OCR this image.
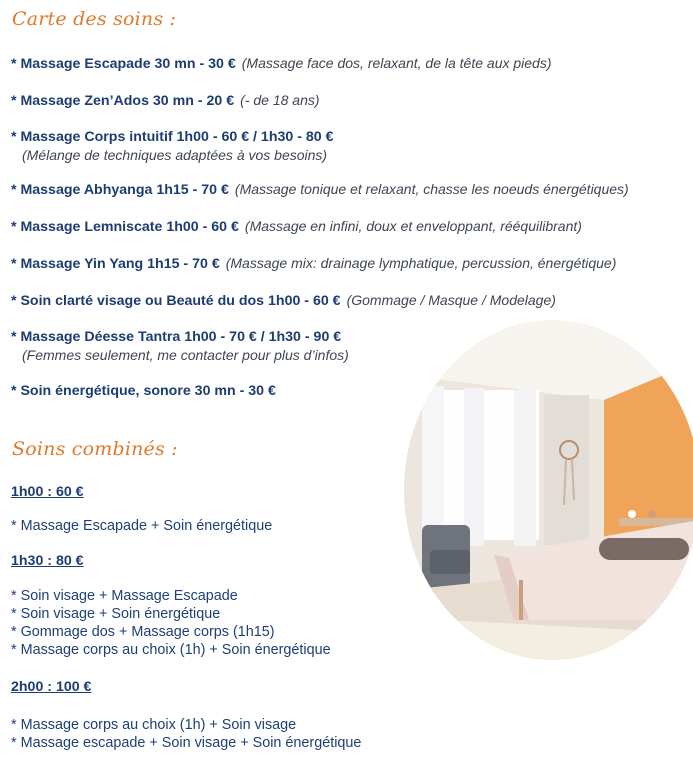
Carte des soins :
* Massage Escapade 30 mn - 30 € (Massage face dos, relaxant, de la tête aux pieds)
* Massage Zen’Ados 30 mn - 20 € (- de 18 ans)
* Massage Corps intuitif 1h00 - 60 € / 1h30 - 80 €
(Mélange de techniques adaptées à vos besoins)
* Massage Abhyanga 1h15 - 70 € (Massage tonique et relaxant, chasse les noeuds énergétiques)
* Massage Lemniscate 1h00 - 60 € (Massage en infini, doux et enveloppant, rééquilibrant)
* Massage Yin Yang 1h15 - 70 € (Massage mix: drainage lymphatique, percussion, énergétique)
* Soin clarté visage ou Beauté du dos 1h00 - 60 € (Gommage / Masque / Modelage)
* Massage Déesse Tantra 1h00 - 70 € / 1h30 - 90 €
(Femmes seulement, me contacter pour plus d’infos)
* Soin énergétique, sonore 30 mn - 30 €
Soins combinés :
1h00 : 60 €
* Massage Escapade + Soin énergétique
1h30 : 80 €
* Soin visage + Massage Escapade
* Soin visage + Soin énergétique
* Gommage dos + Massage corps (1h15)
* Massage corps au choix (1h) + Soin énergétique
2h00 : 100 €
* Massage corps au choix (1h) + Soin visage
* Massage escapade + Soin visage + Soin énergétique
